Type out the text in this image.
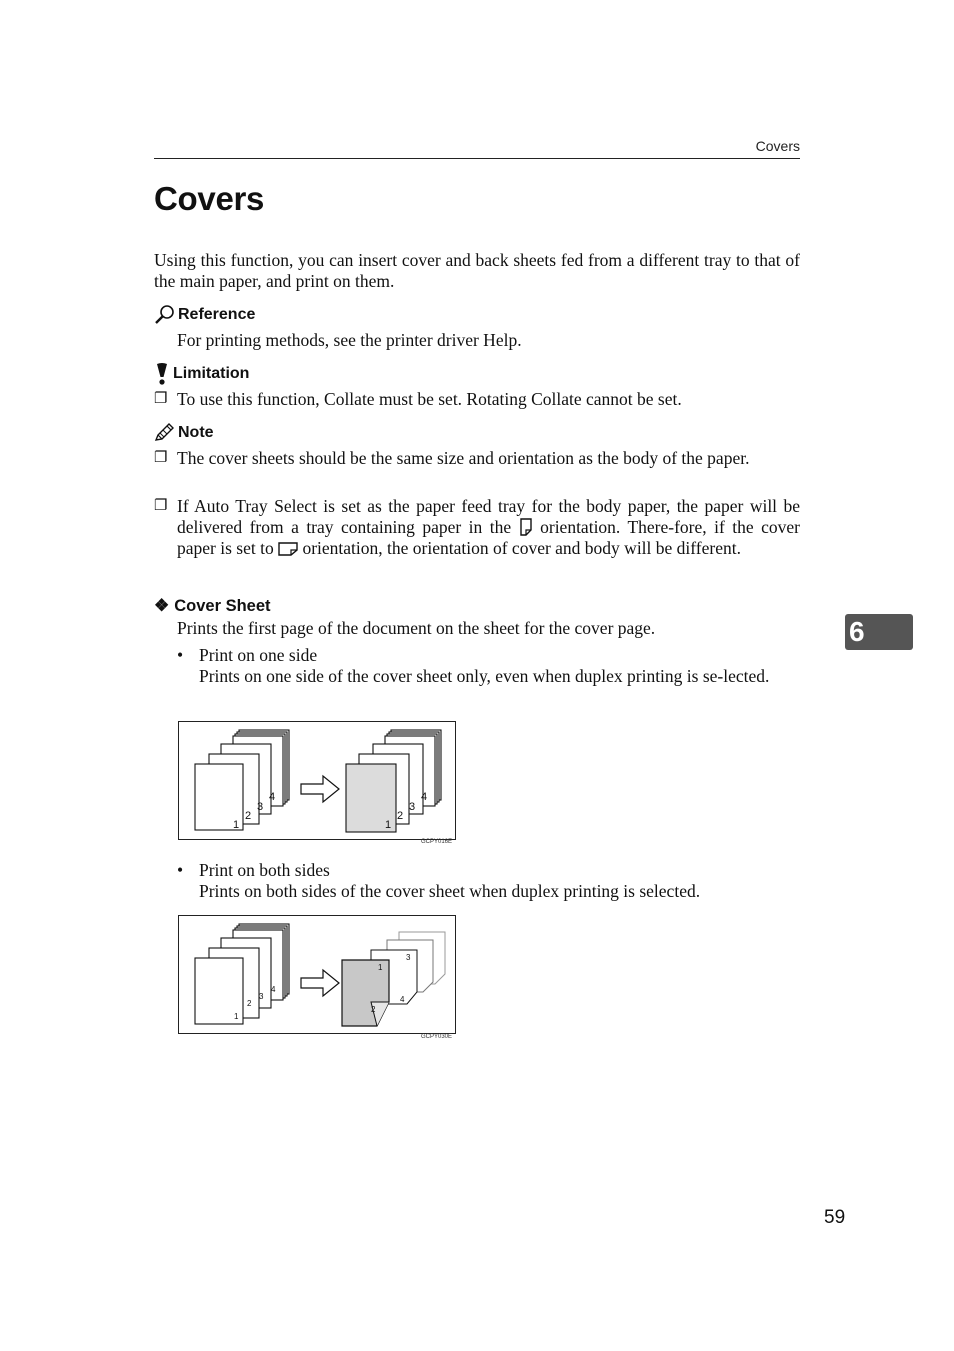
Covers
Covers
Using this function, you can insert cover and back sheets fed from a different tray to that of the main paper, and print on them.
Reference
For printing methods, see the printer driver Help.
Limitation
❐ To use this function, Collate must be set. Rotating Collate cannot be set.
Note
❐ The cover sheets should be the same size and orientation as the body of the paper.
❐ If Auto Tray Select is set as the paper feed tray for the body paper, the paper will be delivered from a tray containing paper in the  orientation. There-fore, if the cover paper is set to  orientation, the orientation of cover and body will be different.
❖ Cover Sheet
Prints the first page of the document on the sheet for the cover page.
• Print on one side
Prints on one side of the cover sheet only, even when duplex printing is se-lected.
4
3
2
1
4
3
2
1
GCPY016E
• Print on both sides
Prints on both sides of the cover sheet when duplex printing is selected.
4
3
2
1
3
1
4
2
GCPY030E
6
59
